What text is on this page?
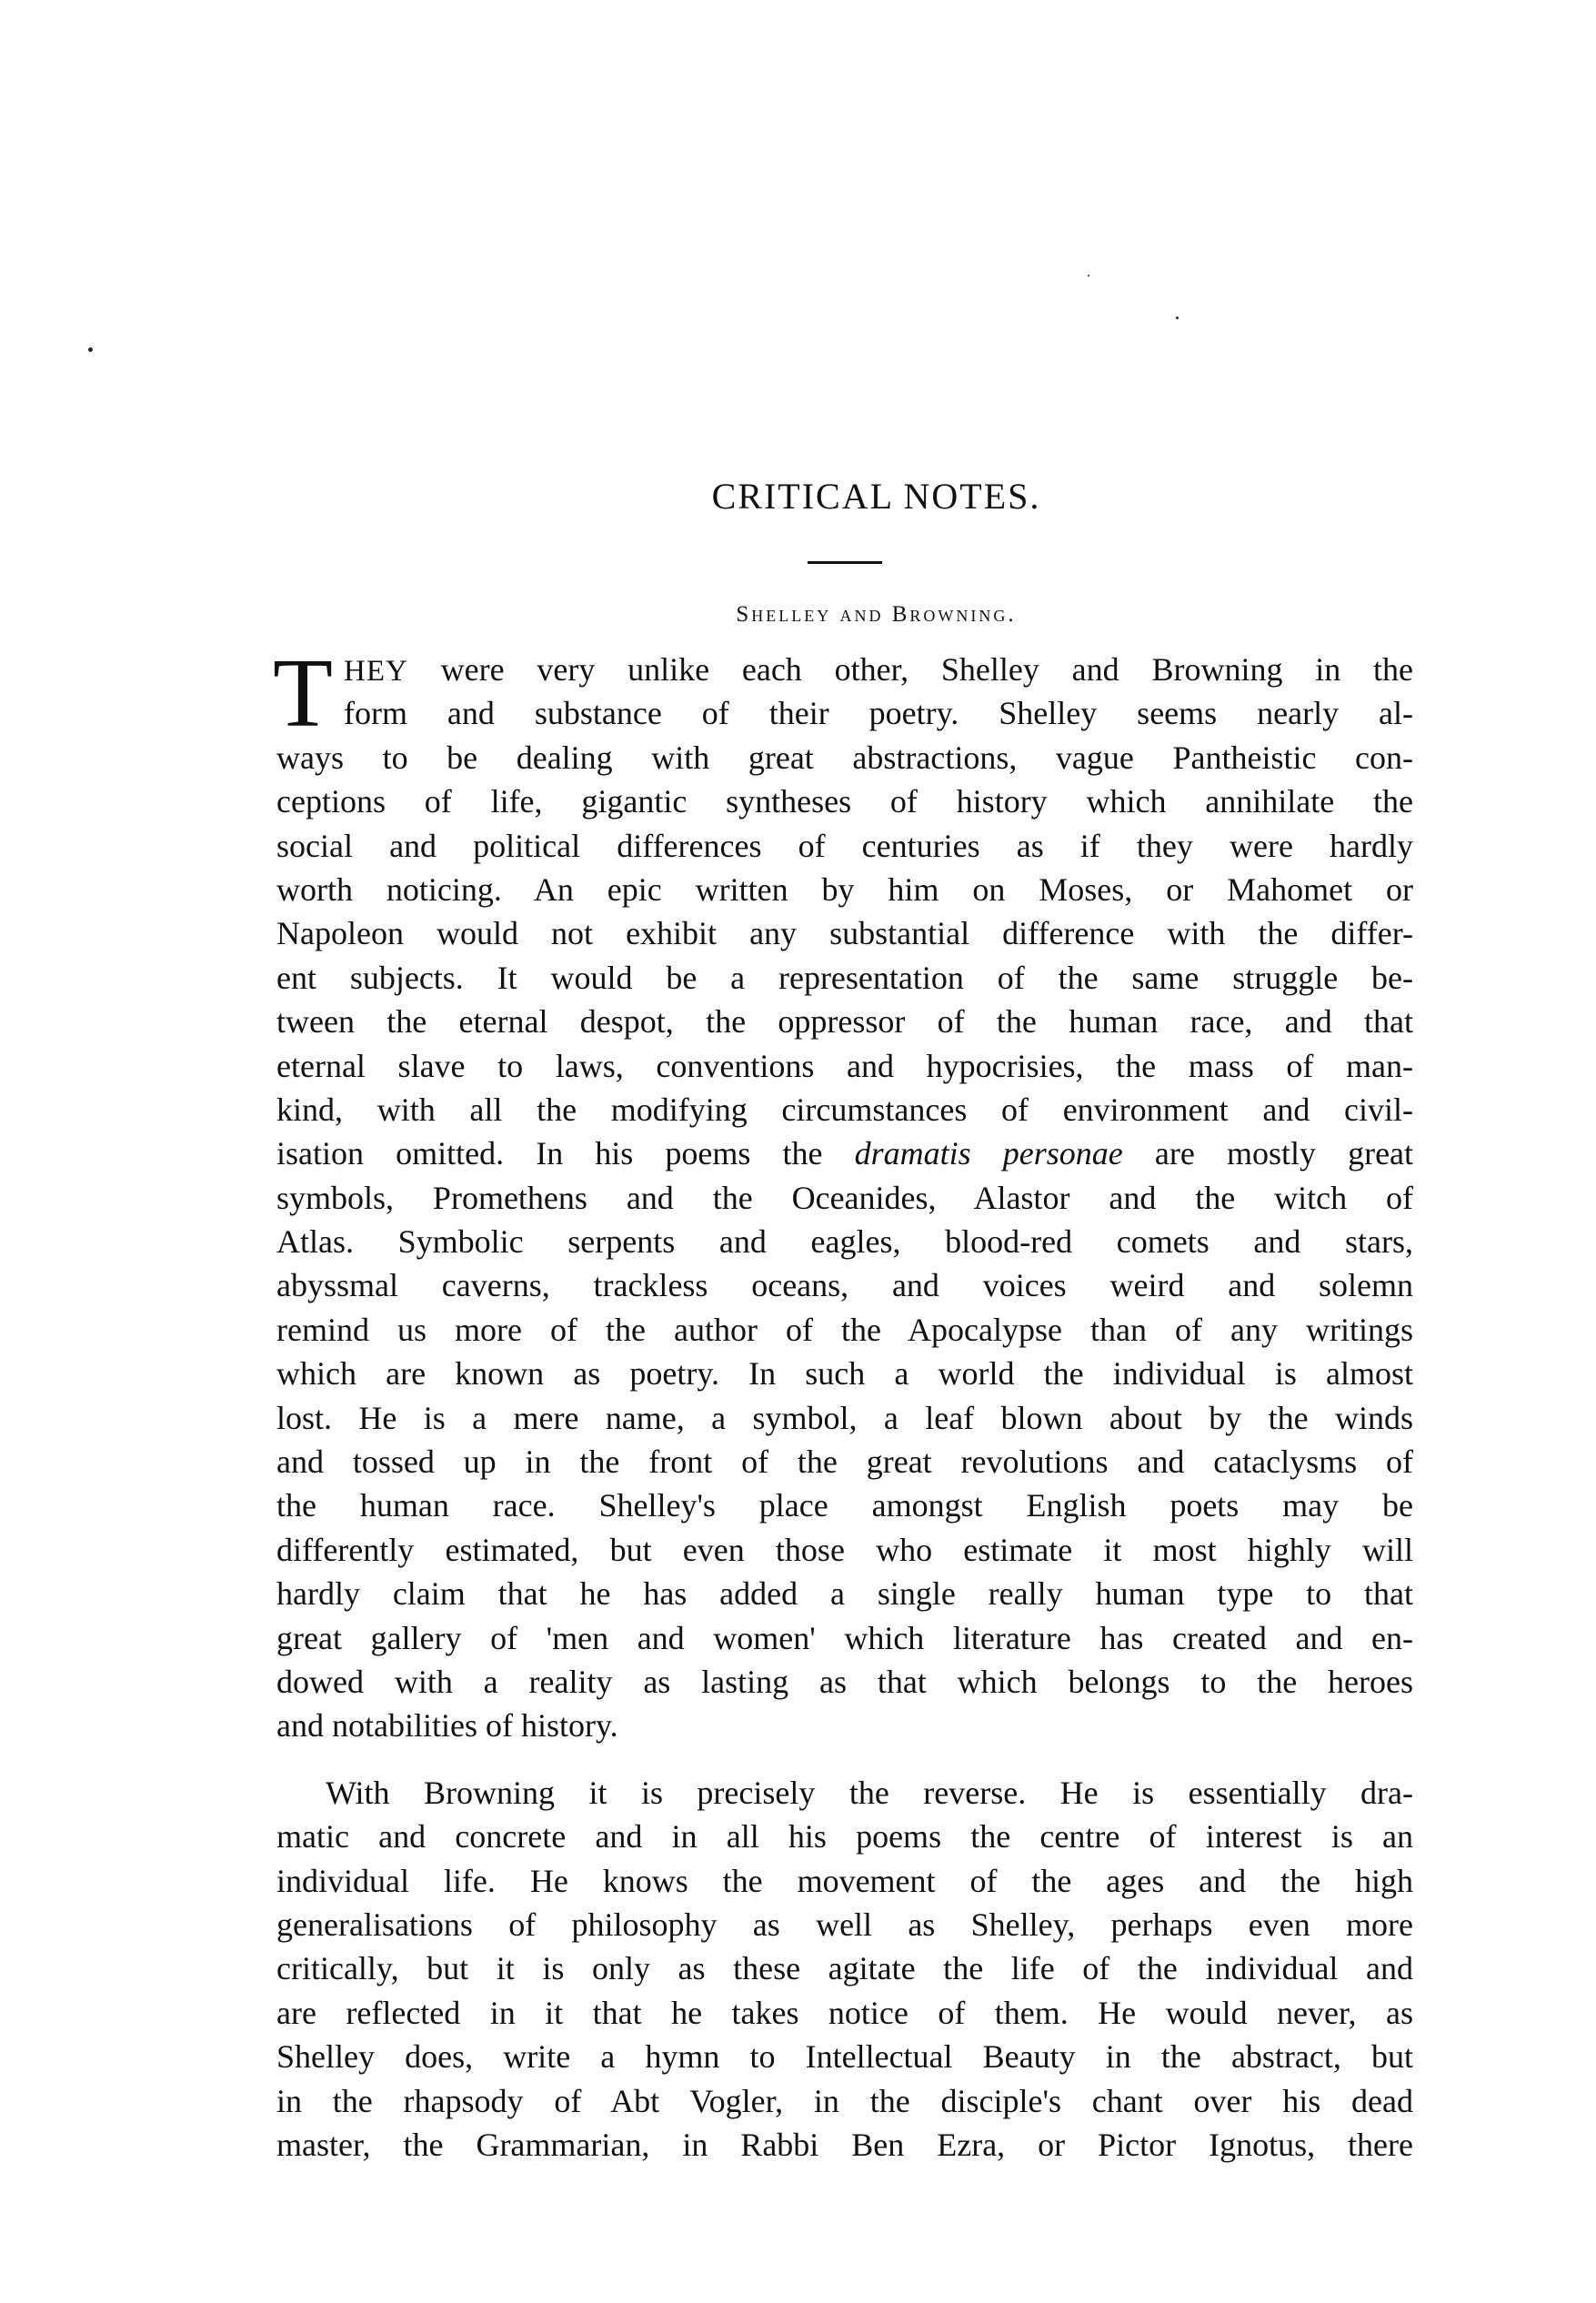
CRITICAL NOTES.
Shelley and Browning.
T HEY were very unlike each other, Shelley and Browning in the
form and substance of their poetry. Shelley seems nearly al-
ways to be dealing with great abstractions, vague Pantheistic con-
ceptions of life, gigantic syntheses of history which annihilate the
social and political differences of centuries as if they were hardly
worth noticing. An epic written by him on Moses, or Mahomet or
Napoleon would not exhibit any substantial difference with the differ-
ent subjects. It would be a representation of the same struggle be-
tween the eternal despot, the oppressor of the human race, and that
eternal slave to laws, conventions and hypocrisies, the mass of man-
kind, with all the modifying circumstances of environment and civil-
isation omitted. In his poems the dramatis personae are mostly great
symbols, Promethens and the Oceanides, Alastor and the witch of
Atlas. Symbolic serpents and eagles, blood-red comets and stars,
abyssmal caverns, trackless oceans, and voices weird and solemn
remind us more of the author of the Apocalypse than of any writings
which are known as poetry. In such a world the individual is almost
lost. He is a mere name, a symbol, a leaf blown about by the winds
and tossed up in the front of the great revolutions and cataclysms of
the human race. Shelley's place amongst English poets may be
differently estimated, but even those who estimate it most highly will
hardly claim that he has added a single really human type to that
great gallery of 'men and women' which literature has created and en-
dowed with a reality as lasting as that which belongs to the heroes
and notabilities of history.
With Browning it is precisely the reverse. He is essentially dra-
matic and concrete and in all his poems the centre of interest is an
individual life. He knows the movement of the ages and the high
generalisations of philosophy as well as Shelley, perhaps even more
critically, but it is only as these agitate the life of the individual and
are reflected in it that he takes notice of them. He would never, as
Shelley does, write a hymn to Intellectual Beauty in the abstract, but
in the rhapsody of Abt Vogler, in the disciple's chant over his dead
master, the Grammarian, in Rabbi Ben Ezra, or Pictor Ignotus, there
